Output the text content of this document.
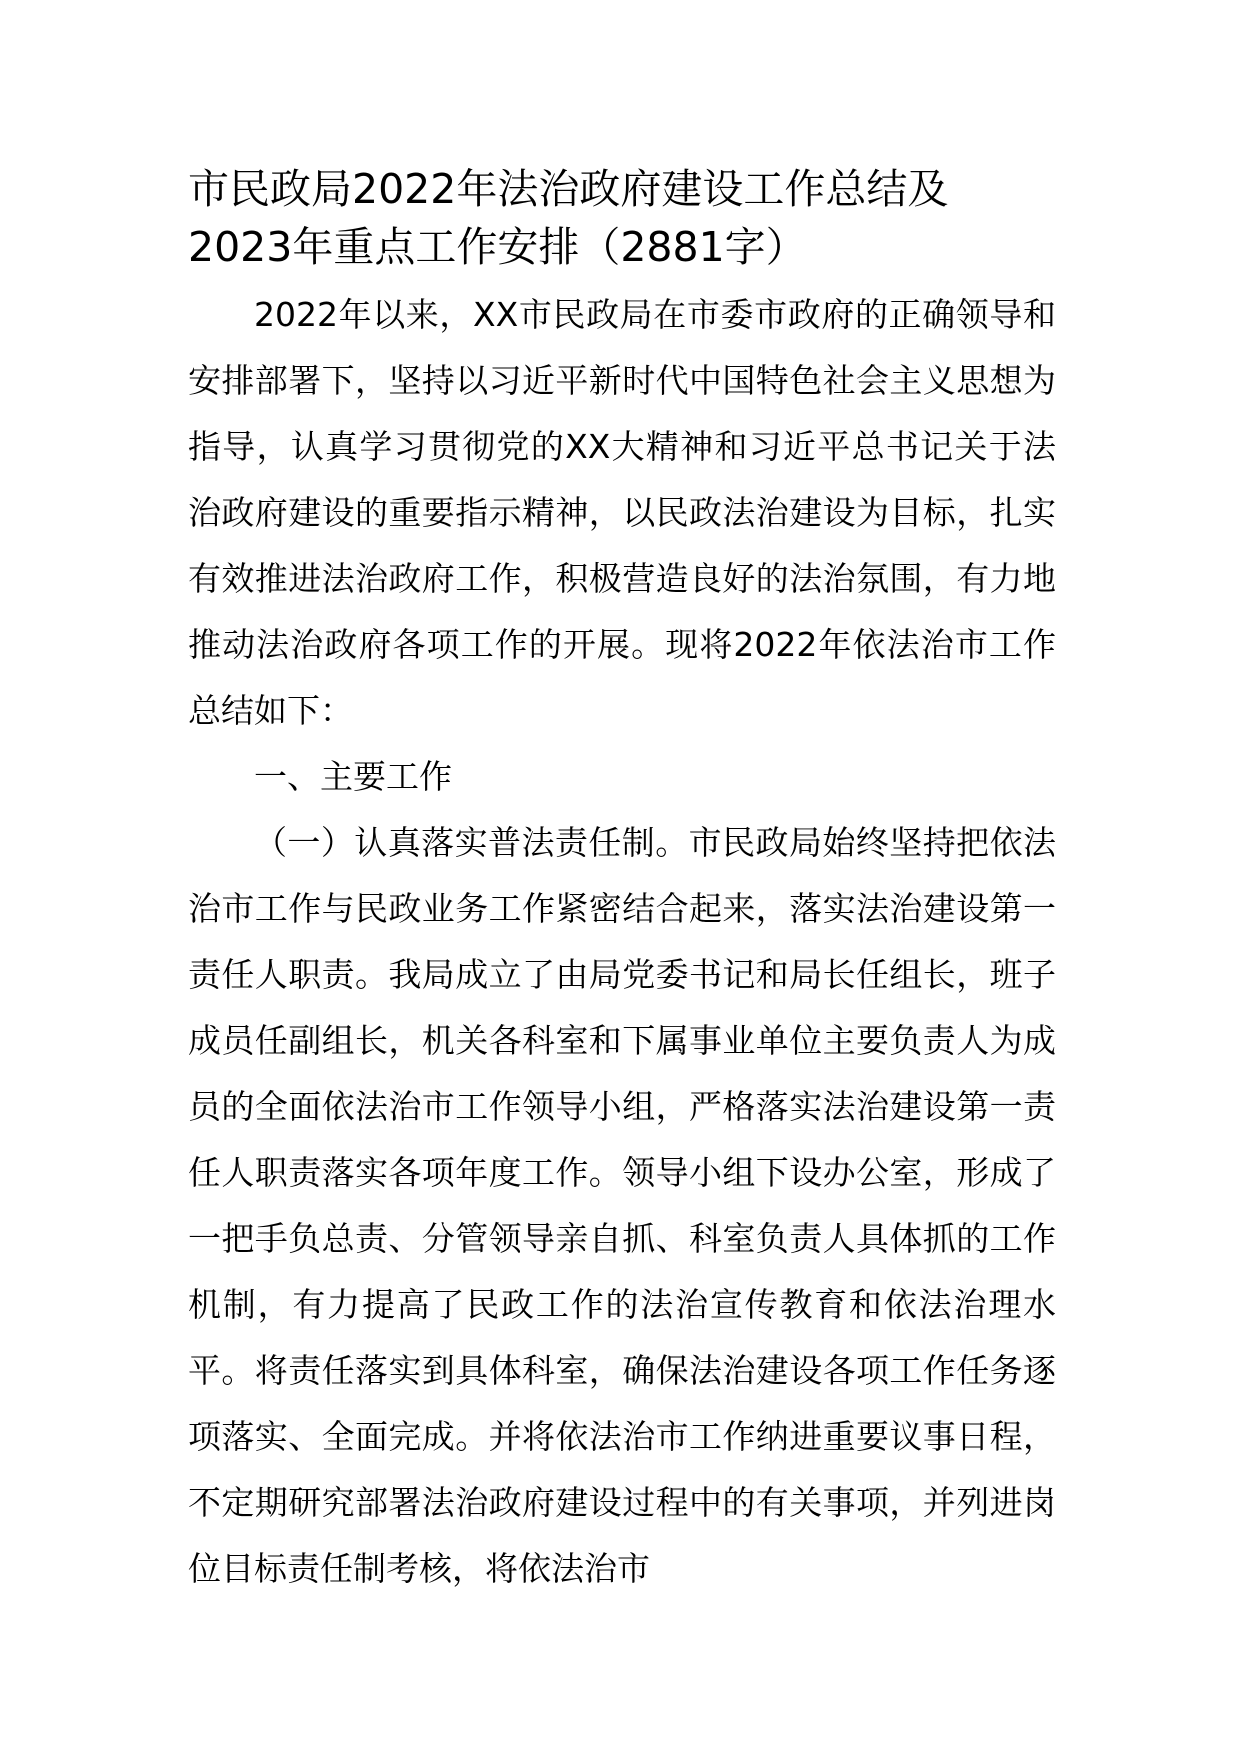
市民政局2022年法治政府建设工作总结及
2023年重点工作安排（2881字）

2022年以来，XX市民政局在市委市政府的正确领导和安排部署下，坚持以习近平新时代中国特色社会主义思想为指导，认真学习贯彻党的XX大精神和习近平总书记关于法治政府建设的重要指示精神，以民政法治建设为目标，扎实有效推进法治政府工作，积极营造良好的法治氛围，有力地推动法治政府各项工作的开展。现将2022年依法治市工作总结如下：

一、主要工作

（一）认真落实普法责任制。市民政局始终坚持把依法治市工作与民政业务工作紧密结合起来，落实法治建设第一责任人职责。我局成立了由局党委书记和局长任组长，班子成员任副组长，机关各科室和下属事业单位主要负责人为成员的全面依法治市工作领导小组，严格落实法治建设第一责任人职责落实各项年度工作。领导小组下设办公室，形成了一把手负总责、分管领导亲自抓、科室负责人具体抓的工作机制，有力提高了民政工作的法治宣传教育和依法治理水平。将责任落实到具体科室，确保法治建设各项工作任务逐项落实、全面完成。并将依法治市工作纳进重要议事日程，不定期研究部署法治政府建设过程中的有关事项，并列进岗位目标责任制考核，将依法治市
